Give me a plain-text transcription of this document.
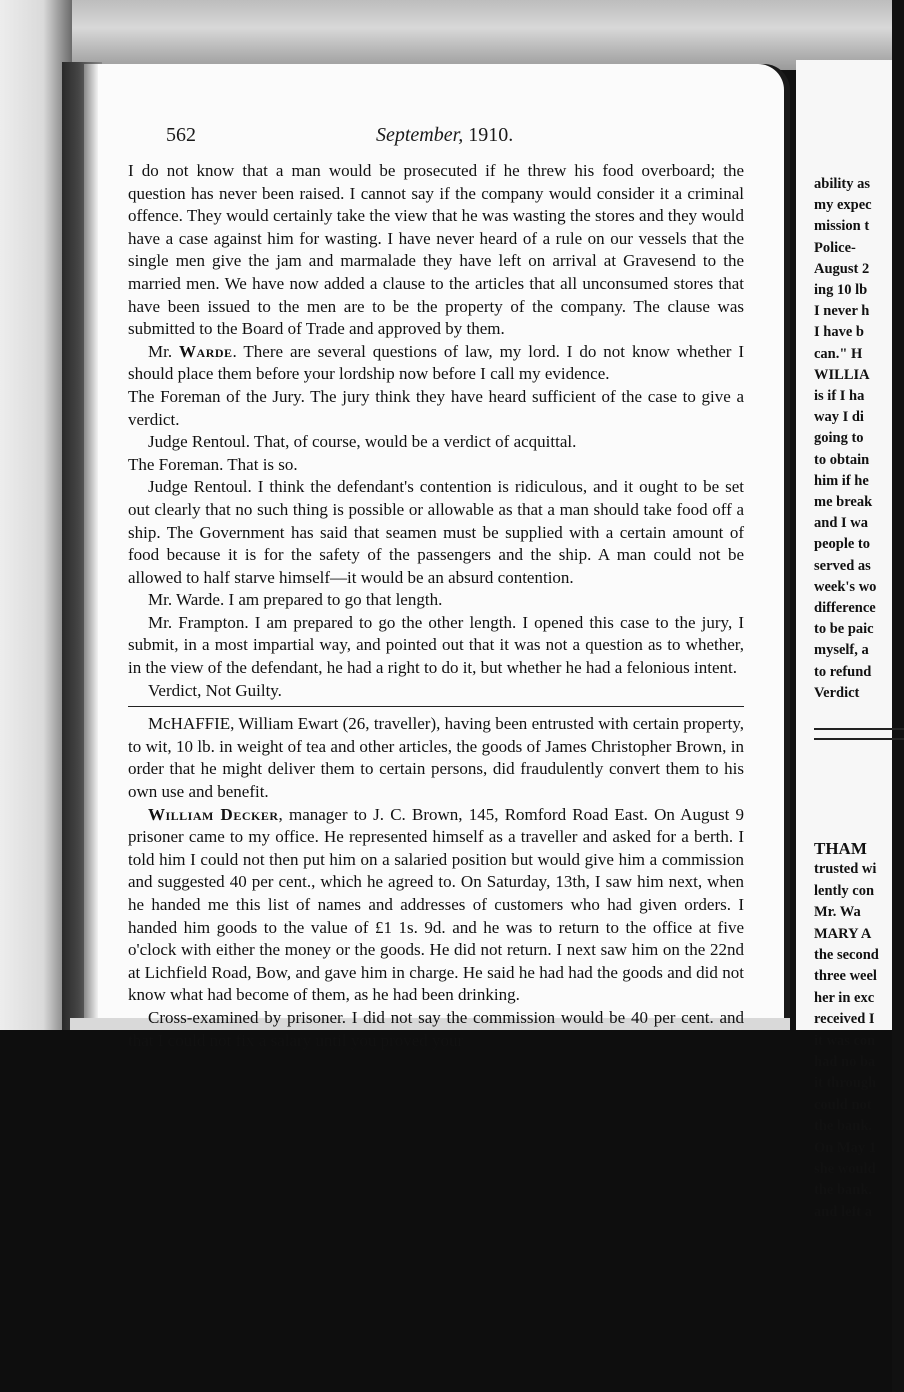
ability as
my expec
mission t
Police-
August 2
ing 10 lb
I never h
I have b
can." H
WILLIA
is if I ha
way I di
going to
to obtain
him if he
me break
and I wa
people to
served as
week's wo
difference
to be paic
myself, a
to refund
Verdict
THAM
trusted wi
lently con
Mr. Wa
MARY A
the second
three weel
her in exc
received I
it was con
had no ba
it through
could not
the bank.
On May 1
she would
the bank.
and left a
562	September, 1910.

I do not know that a man would be prosecuted if he threw his food overboard; the question has never been raised. I cannot say if the company would consider it a criminal offence. They would certainly take the view that he was wasting the stores and they would have a case against him for wasting. I have never heard of a rule on our vessels that the single men give the jam and marmalade they have left on arrival at Gravesend to the married men. We have now added a clause to the articles that all unconsumed stores that have been issued to the men are to be the property of the company. The clause was submitted to the Board of Trade and approved by them.

Mr. Warde. There are several questions of law, my lord. I do not know whether I should place them before your lordship now before I call my evidence.

The Foreman of the Jury. The jury think they have heard sufficient of the case to give a verdict.

Judge Rentoul. That, of course, would be a verdict of acquittal.

The Foreman. That is so.

Judge Rentoul. I think the defendant's contention is ridiculous, and it ought to be set out clearly that no such thing is possible or allowable as that a man should take food off a ship. The Government has said that seamen must be supplied with a certain amount of food because it is for the safety of the passengers and the ship. A man could not be allowed to half starve himself—it would be an absurd contention.

Mr. Warde. I am prepared to go that length.

Mr. Frampton. I am prepared to go the other length. I opened this case to the jury, I submit, in a most impartial way, and pointed out that it was not a question as to whether, in the view of the defendant, he had a right to do it, but whether he had a felonious intent.

Verdict, Not Guilty.

McHAFFIE, William Ewart (26, traveller), having been entrusted with certain property, to wit, 10 lb. in weight of tea and other articles, the goods of James Christopher Brown, in order that he might deliver them to certain persons, did fraudulently convert them to his own use and benefit.

William Decker, manager to J. C. Brown, 145, Romford Road East. On August 9 prisoner came to my office. He represented himself as a traveller and asked for a berth. I told him I could not then put him on a salaried position but would give him a commission and suggested 40 per cent., which he agreed to. On Saturday, 13th, I saw him next, when he handed me this list of names and addresses of customers who had given orders. I handed him goods to the value of £1 1s. 9d. and he was to return to the office at five o'clock with either the money or the goods. He did not return. I next saw him on the 22nd at Lichfield Road, Bow, and gave him in charge. He said he had had the goods and did not know what had become of them, as he had been drinking.

Cross-examined by prisoner. I did not say the commission would be 40 per cent. and that I could not fix a salary until you proved your
